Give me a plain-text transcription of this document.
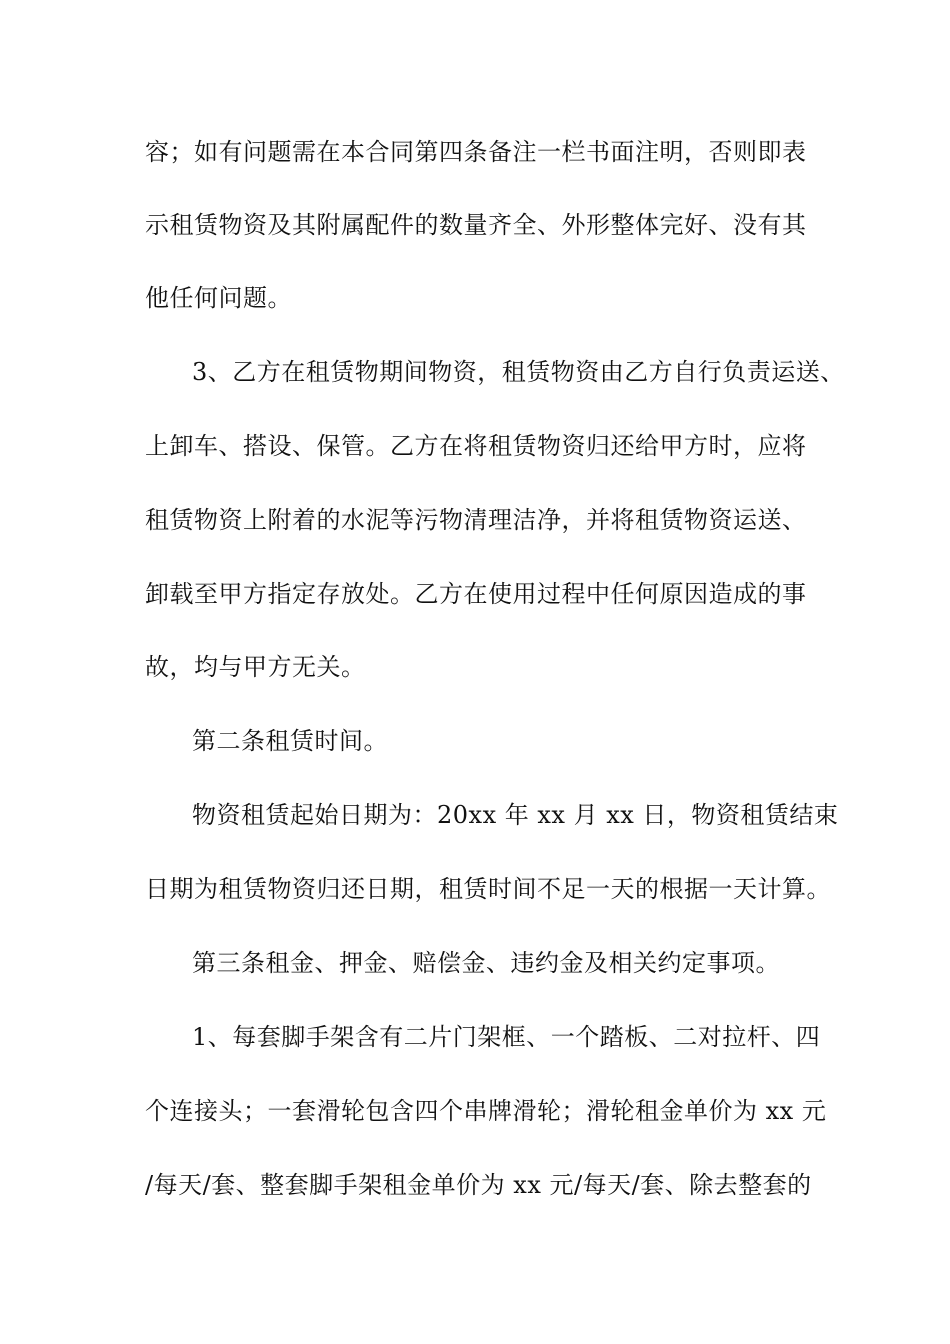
容；如有问题需在本合同第四条备注一栏书面注明，否则即表
示租赁物资及其附属配件的数量齐全、外形整体完好、没有其
他任何问题。
3、乙方在租赁物期间物资，租赁物资由乙方自行负责运送、
上卸车、搭设、保管。乙方在将租赁物资归还给甲方时，应将
租赁物资上附着的水泥等污物清理洁净，并将租赁物资运送、
卸载至甲方指定存放处。乙方在使用过程中任何原因造成的事
故，均与甲方无关。
第二条租赁时间。
物资租赁起始日期为：20xx 年 xx 月 xx 日，物资租赁结束
日期为租赁物资归还日期，租赁时间不足一天的根据一天计算。
第三条租金、押金、赔偿金、违约金及相关约定事项。
1、每套脚手架含有二片门架框、一个踏板、二对拉杆、四
个连接头；一套滑轮包含四个串牌滑轮；滑轮租金单价为 xx 元
/每天/套、整套脚手架租金单价为 xx 元/每天/套、除去整套的
